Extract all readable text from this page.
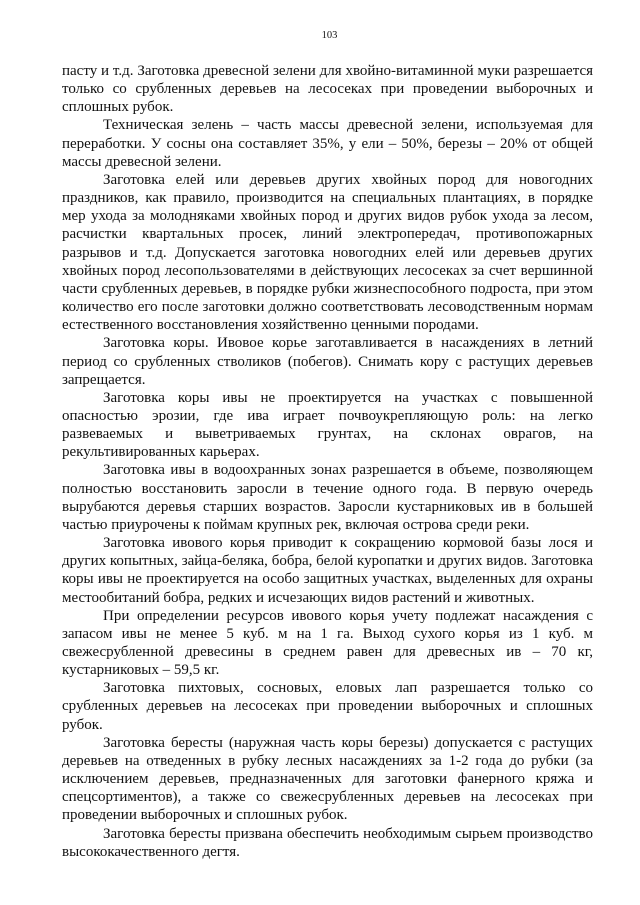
103

пасту и т.д. Заготовка древесной зелени для хвойно-витаминной муки разрешается только со срубленных деревьев на лесосеках при проведении выборочных и сплошных рубок.

Техническая зелень – часть массы древесной зелени, используемая для переработки. У сосны она составляет 35%, у ели – 50%, березы – 20% от общей массы древесной зелени.

Заготовка елей или деревьев других хвойных пород для новогодних праздников, как правило, производится на специальных плантациях, в порядке мер ухода за молодняками хвойных пород и других видов рубок ухода за лесом, расчистки квартальных просек, линий электропередач, противопожарных разрывов и т.д. Допускается заготовка новогодних елей или деревьев других хвойных пород лесопользователями в действующих лесосеках за счет вершинной части срубленных деревьев, в порядке рубки жизнеспособного подроста, при этом количество его после заготовки должно соответствовать лесоводственным нормам естественного восстановления хозяйственно ценными породами.

Заготовка коры. Ивовое корье заготавливается в насаждениях в летний период со срубленных стволиков (побегов). Снимать кору с растущих деревьев запрещается.

Заготовка коры ивы не проектируется на участках с повышенной опасностью эрозии, где ива играет почвоукрепляющую роль: на легко развеваемых и выветриваемых грунтах, на склонах оврагов, на рекультивированных карьерах.

Заготовка ивы в водоохранных зонах разрешается в объеме, позволяющем полностью восстановить заросли в течение одного года. В первую очередь вырубаются деревья старших возрастов. Заросли кустарниковых ив в большей частью приурочены к поймам крупных рек, включая острова среди реки.

Заготовка ивового корья приводит к сокращению кормовой базы лося и других копытных, зайца-беляка, бобра, белой куропатки и других видов. Заготовка коры ивы не проектируется на особо защитных участках, выделенных для охраны местообитаний бобра, редких и исчезающих видов растений и животных.

При определении ресурсов ивового корья учету подлежат насаждения с запасом ивы не менее 5 куб. м на 1 га. Выход сухого корья из 1 куб. м свежесрубленной древесины в среднем равен для древесных ив – 70 кг, кустарниковых – 59,5 кг.

Заготовка пихтовых, сосновых, еловых лап разрешается только со срубленных деревьев на лесосеках при проведении выборочных и сплошных рубок.

Заготовка бересты (наружная часть коры березы) допускается с растущих деревьев на отведенных в рубку лесных насаждениях за 1-2 года до рубки (за исключением деревьев, предназначенных для заготовки фанерного кряжа и спецсортиментов), а также со свежесрубленных деревьев на лесосеках при проведении выборочных и сплошных рубок.

Заготовка бересты призвана обеспечить необходимым сырьем производство высококачественного дегтя.
